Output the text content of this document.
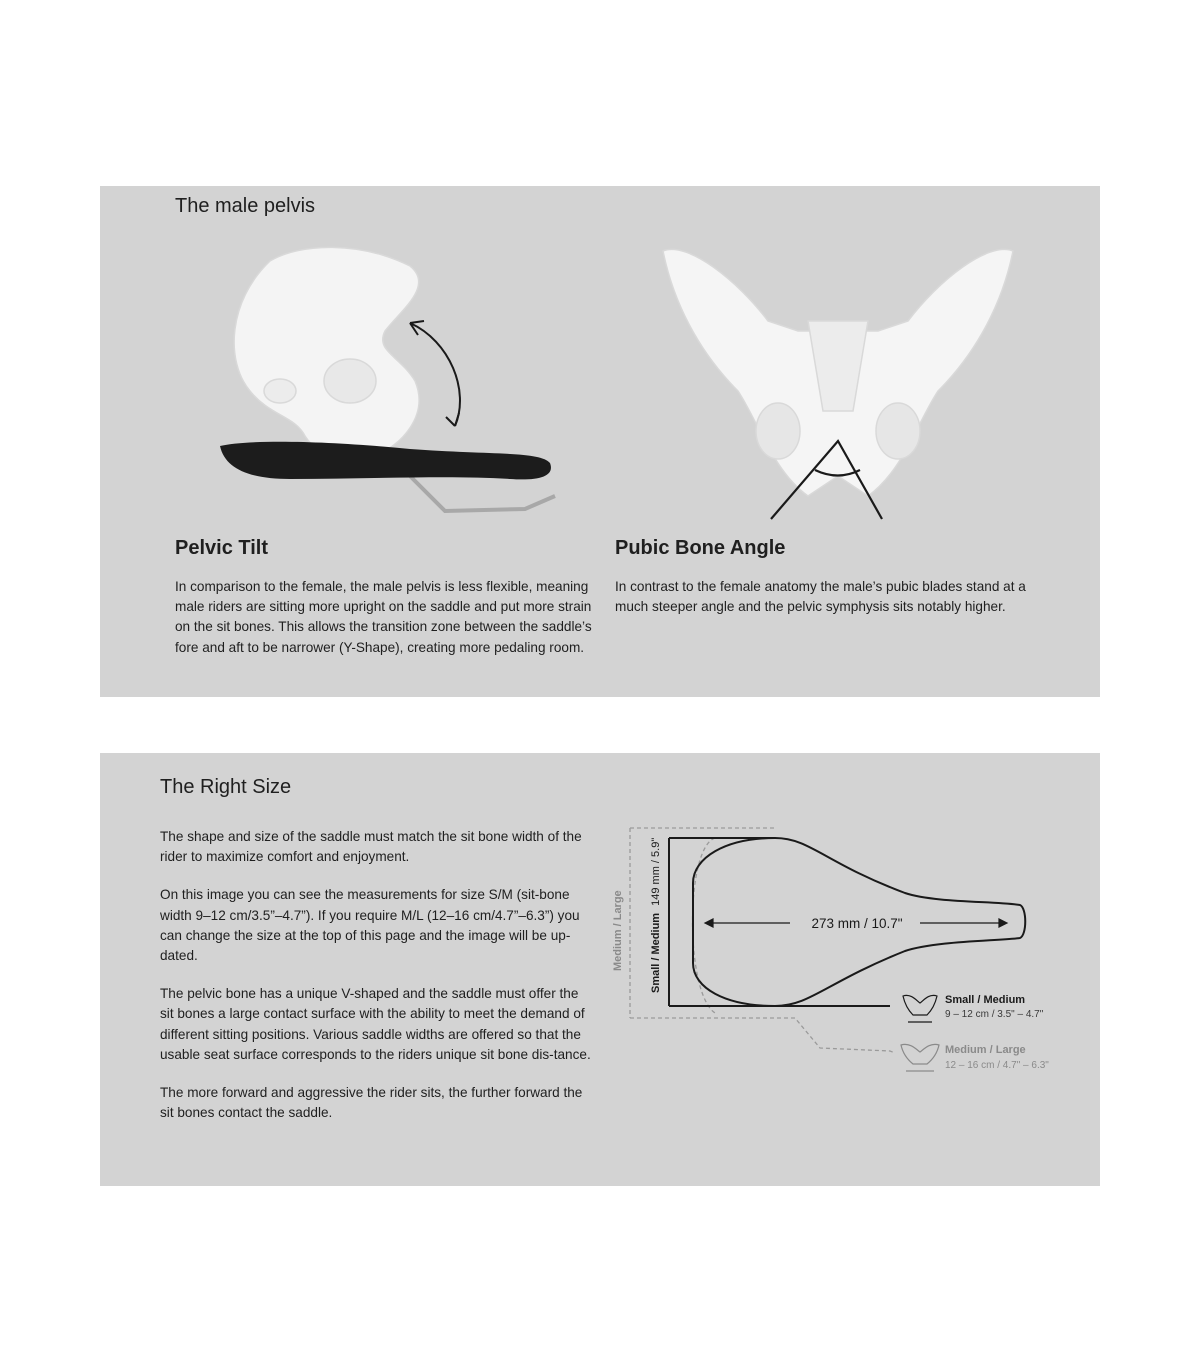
The male pelvis
Pelvic Tilt

In comparison to the female, the male pelvis is less flexible, meaning male riders are sitting more upright on the saddle and put more strain on the sit bones. This allows the transition zone between the saddle’s fore and aft to be narrower (Y-Shape), creating more pedaling room.

Pubic Bone Angle

In contrast to the female anatomy the male’s pubic blades stand at a much steeper angle and the pelvic symphysis sits notably higher.

The Right Size

The shape and size of the saddle must match the sit bone width of the rider to maximize comfort and enjoyment.

On this image you can see the measurements for size S/M (sit-bone width 9–12 cm/3.5”–4.7”). If you require M/L (12–16 cm/4.7”–6.3”) you can change the size at the top of this page and the image will be up-dated.

The pelvic bone has a unique V-shaped and the saddle must offer the sit bones a large contact surface with the ability to meet the demand of different sitting positions. Various saddle widths are offered so that the usable seat surface corresponds to the riders unique sit bone dis-tance.

The more forward and aggressive the rider sits, the further forward the sit bones contact the saddle.

Medium / Large Small / Medium 149 mm / 5.9"
273 mm / 10.7"
Small / Medium
9 – 12 cm / 3.5" – 4.7"
Medium / Large
12 – 16 cm / 4.7" – 6.3"
